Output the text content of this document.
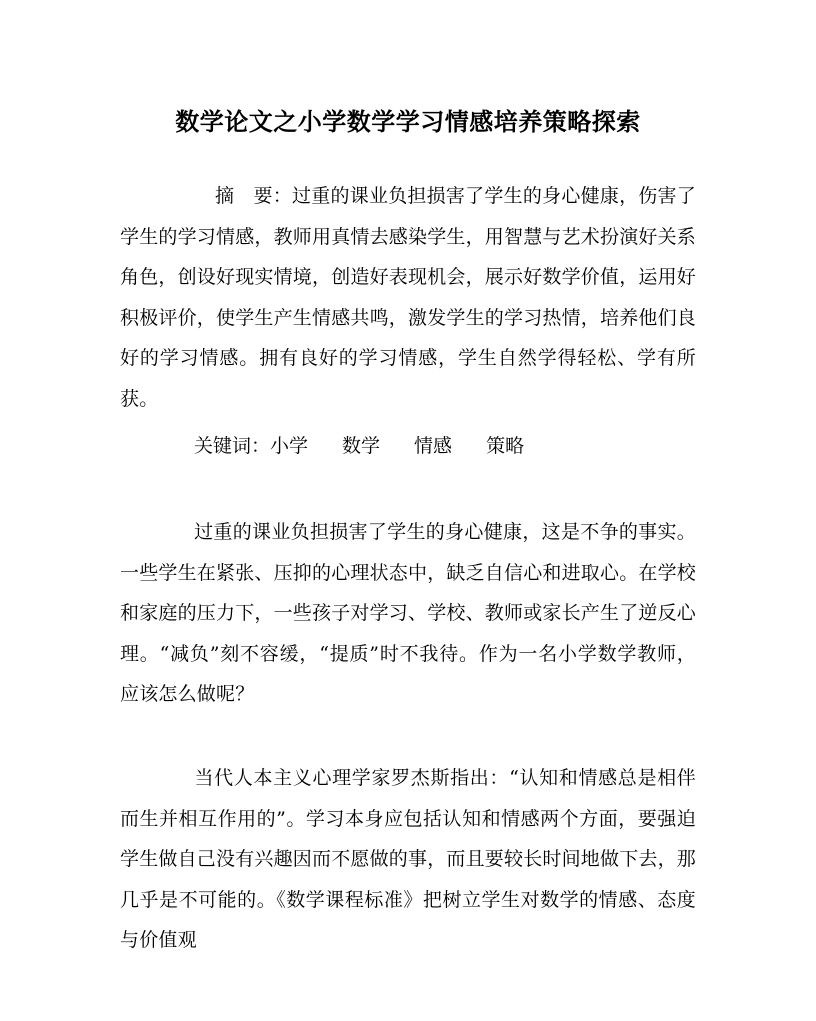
数学论文之小学数学学习情感培养策略探索
摘　要：过重的课业负担损害了学生的身心健康，伤害了学生的学习情感，教师用真情去感染学生，用智慧与艺术扮演好关系角色，创设好现实情境，创造好表现机会，展示好数学价值，运用好积极评价，使学生产生情感共鸣，激发学生的学习热情，培养他们良好的学习情感。拥有良好的学习情感，学生自然学得轻松、学有所获。
关键词：小学 数学 情感 策略
过重的课业负担损害了学生的身心健康，这是不争的事实。一些学生在紧张、压抑的心理状态中，缺乏自信心和进取心。在学校和家庭的压力下，一些孩子对学习、学校、教师或家长产生了逆反心理。“减负”刻不容缓，“提质”时不我待。作为一名小学数学教师，应该怎么做呢？
当代人本主义心理学家罗杰斯指出：“认知和情感总是相伴而生并相互作用的”。学习本身应包括认知和情感两个方面，要强迫学生做自己没有兴趣因而不愿做的事，而且要较长时间地做下去，那几乎是不可能的。《数学课程标准》把树立学生对数学的情感、态度与价值观
